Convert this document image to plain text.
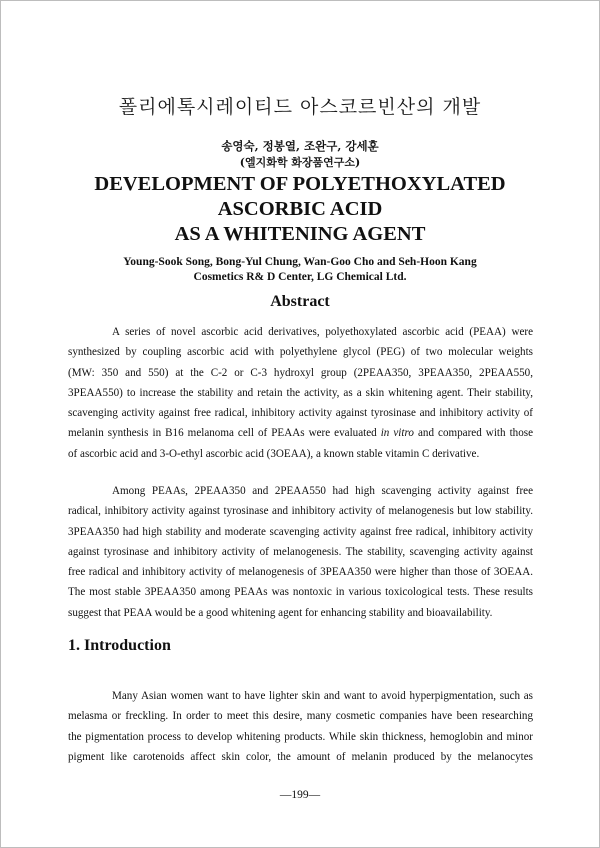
폴리에톡시레이티드 아스코르빈산의 개발
송영숙, 정봉열, 조완구, 강세훈
(엘지화학 화장품연구소)
DEVELOPMENT OF POLYETHOXYLATED
ASCORBIC ACID
AS A WHITENING AGENT
Young-Sook Song, Bong-Yul Chung, Wan-Goo Cho and Seh-Hoon Kang
Cosmetics R& D Center, LG Chemical Ltd.
Abstract
A series of novel ascorbic acid derivatives, polyethoxylated ascorbic acid (PEAA) were
synthesized by coupling ascorbic acid with polyethylene glycol (PEG) of two molecular weights
(MW: 350 and 550) at the C-2 or C-3 hydroxyl group (2PEAA350, 3PEAA350, 2PEAA550,
3PEAA550) to increase the stability and retain the activity, as a skin whitening agent. Their stability,
scavenging activity against free radical, inhibitory activity against tyrosinase and inhibitory activity of
melanin synthesis in B16 melanoma cell of PEAAs were evaluated in vitro and compared with those
of ascorbic acid and 3-O-ethyl ascorbic acid (3OEAA), a known stable vitamin C derivative.
Among PEAAs, 2PEAA350 and 2PEAA550 had high scavenging activity against free
radical, inhibitory activity against tyrosinase and inhibitory activity of melanogenesis but low stability.
3PEAA350 had high stability and moderate scavenging activity against free radical, inhibitory activity
against tyrosinase and inhibitory activity of melanogenesis. The stability, scavenging activity against
free radical and inhibitory activity of melanogenesis of 3PEAA350 were higher than those of 3OEAA.
The most stable 3PEAA350 among PEAAs was nontoxic in various toxicological tests. These results
suggest that PEAA would be a good whitening agent for enhancing stability and bioavailability.
1. Introduction
Many Asian women want to have lighter skin and want to avoid hyperpigmentation, such as
melasma or freckling. In order to meet this desire, many cosmetic companies have been researching
the pigmentation process to develop whitening products. While skin thickness, hemoglobin and minor
pigment like carotenoids affect skin color, the amount of melanin produced by the melanocytes
—199—
